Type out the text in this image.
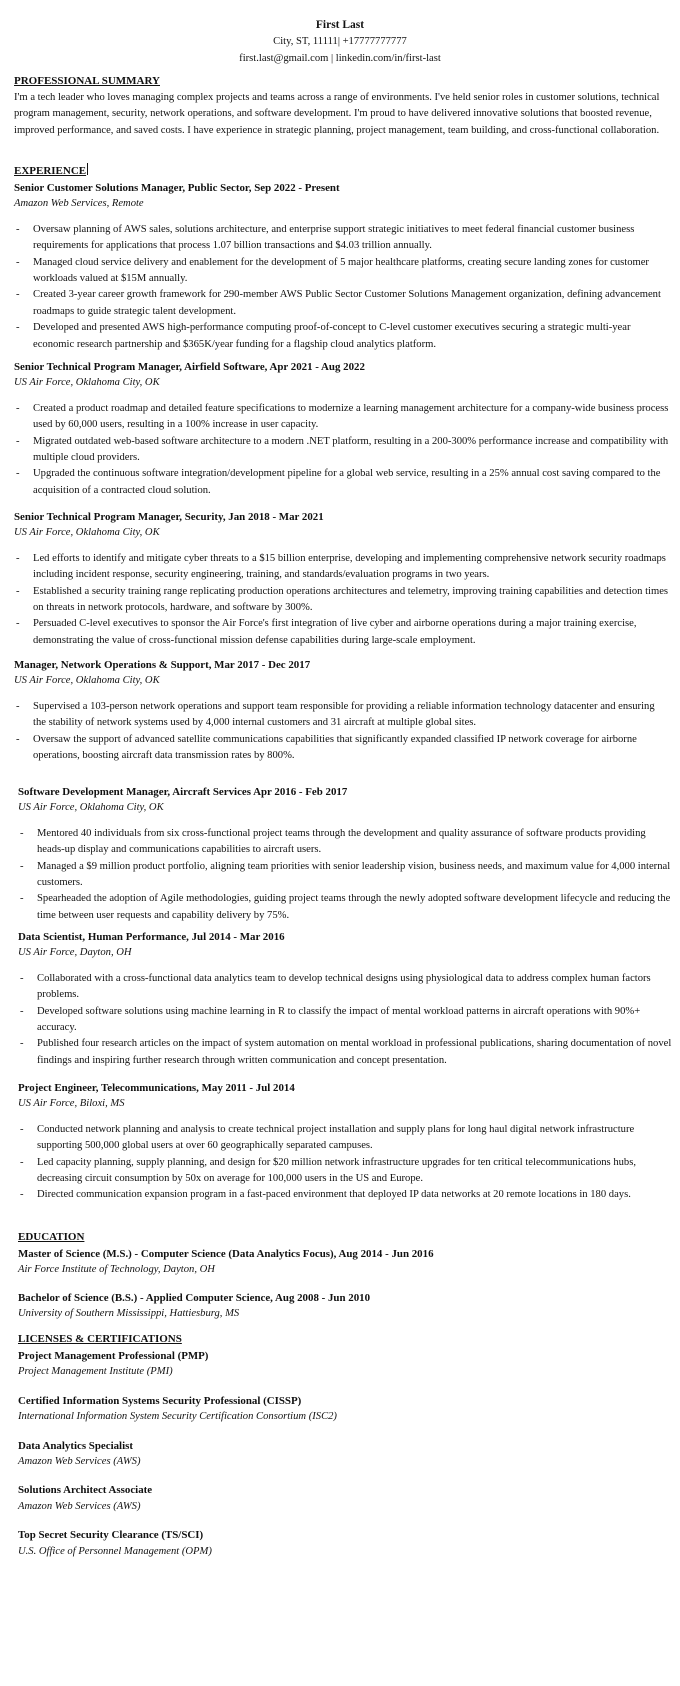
First Last
City, ST, 11111| +17777777777
first.last@gmail.com | linkedin.com/in/first-last
PROFESSIONAL SUMMARY

I'm a tech leader who loves managing complex projects and teams across a range of environments. I've held senior roles in customer solutions, technical program management, security, network operations, and software development. I'm proud to have delivered innovative solutions that boosted revenue, improved performance, and saved costs. I have experience in strategic planning, project management, team building, and cross-functional collaboration.

EXPERIENCE
Senior Customer Solutions Manager, Public Sector, Sep 2022 - Present
Amazon Web Services, Remote
- Oversaw planning of AWS sales, solutions architecture, and enterprise support strategic initiatives to meet federal financial customer business requirements for applications that process 1.07 billion transactions and $4.03 trillion annually.
- Managed cloud service delivery and enablement for the development of 5 major healthcare platforms, creating secure landing zones for customer workloads valued at $15M annually.
- Created 3-year career growth framework for 290-member AWS Public Sector Customer Solutions Management organization, defining advancement roadmaps to guide strategic talent development.
- Developed and presented AWS high-performance computing proof-of-concept to C-level customer executives securing a strategic multi-year economic research partnership and $365K/year funding for a flagship cloud analytics platform.
Senior Technical Program Manager, Airfield Software, Apr 2021 - Aug 2022
US Air Force, Oklahoma City, OK
- Created a product roadmap and detailed feature specifications to modernize a learning management architecture for a company-wide business process used by 60,000 users, resulting in a 100% increase in user capacity.
- Migrated outdated web-based software architecture to a modern .NET platform, resulting in a 200-300% performance increase and compatibility with multiple cloud providers.
- Upgraded the continuous software integration/development pipeline for a global web service, resulting in a 25% annual cost saving compared to the acquisition of a contracted cloud solution.
Senior Technical Program Manager, Security, Jan 2018 - Mar 2021
US Air Force, Oklahoma City, OK
- Led efforts to identify and mitigate cyber threats to a $15 billion enterprise, developing and implementing comprehensive network security roadmaps including incident response, security engineering, training, and standards/evaluation programs in two years.
- Established a security training range replicating production operations architectures and telemetry, improving training capabilities and detection times on threats in network protocols, hardware, and software by 300%.
- Persuaded C-level executives to sponsor the Air Force's first integration of live cyber and airborne operations during a major training exercise, demonstrating the value of cross-functional mission defense capabilities during large-scale employment.
Manager, Network Operations & Support, Mar 2017 - Dec 2017
US Air Force, Oklahoma City, OK
- Supervised a 103-person network operations and support team responsible for providing a reliable information technology datacenter and ensuring the stability of network systems used by 4,000 internal customers and 31 aircraft at multiple global sites.
- Oversaw the support of advanced satellite communications capabilities that significantly expanded classified IP network coverage for airborne operations, boosting aircraft data transmission rates by 800%.
Software Development Manager, Aircraft Services Apr 2016 - Feb 2017
US Air Force, Oklahoma City, OK
- Mentored 40 individuals from six cross-functional project teams through the development and quality assurance of software products providing heads-up display and communications capabilities to aircraft users.
- Managed a $9 million product portfolio, aligning team priorities with senior leadership vision, business needs, and maximum value for 4,000 internal customers.
- Spearheaded the adoption of Agile methodologies, guiding project teams through the newly adopted software development lifecycle and reducing the time between user requests and capability delivery by 75%.
Data Scientist, Human Performance, Jul 2014 - Mar 2016
US Air Force, Dayton, OH
- Collaborated with a cross-functional data analytics team to develop technical designs using physiological data to address complex human factors problems.
- Developed software solutions using machine learning in R to classify the impact of mental workload patterns in aircraft operations with 90%+ accuracy.
- Published four research articles on the impact of system automation on mental workload in professional publications, sharing documentation of novel findings and inspiring further research through written communication and concept presentation.
Project Engineer, Telecommunications, May 2011 - Jul 2014
US Air Force, Biloxi, MS
- Conducted network planning and analysis to create technical project installation and supply plans for long haul digital network infrastructure supporting 500,000 global users at over 60 geographically separated campuses.
- Led capacity planning, supply planning, and design for $20 million network infrastructure upgrades for ten critical telecommunications hubs, decreasing circuit consumption by 50x on average for 100,000 users in the US and Europe.
- Directed communication expansion program in a fast-paced environment that deployed IP data networks at 20 remote locations in 180 days.
EDUCATION
Master of Science (M.S.) - Computer Science (Data Analytics Focus), Aug 2014 - Jun 2016
Air Force Institute of Technology, Dayton, OH
Bachelor of Science (B.S.) - Applied Computer Science, Aug 2008 - Jun 2010
University of Southern Mississippi, Hattiesburg, MS
LICENSES & CERTIFICATIONS
Project Management Professional (PMP)
Project Management Institute (PMI)
Certified Information Systems Security Professional (CISSP)
International Information System Security Certification Consortium (ISC2)
Data Analytics Specialist
Amazon Web Services (AWS)
Solutions Architect Associate
Amazon Web Services (AWS)
Top Secret Security Clearance (TS/SCI)
U.S. Office of Personnel Management (OPM)
